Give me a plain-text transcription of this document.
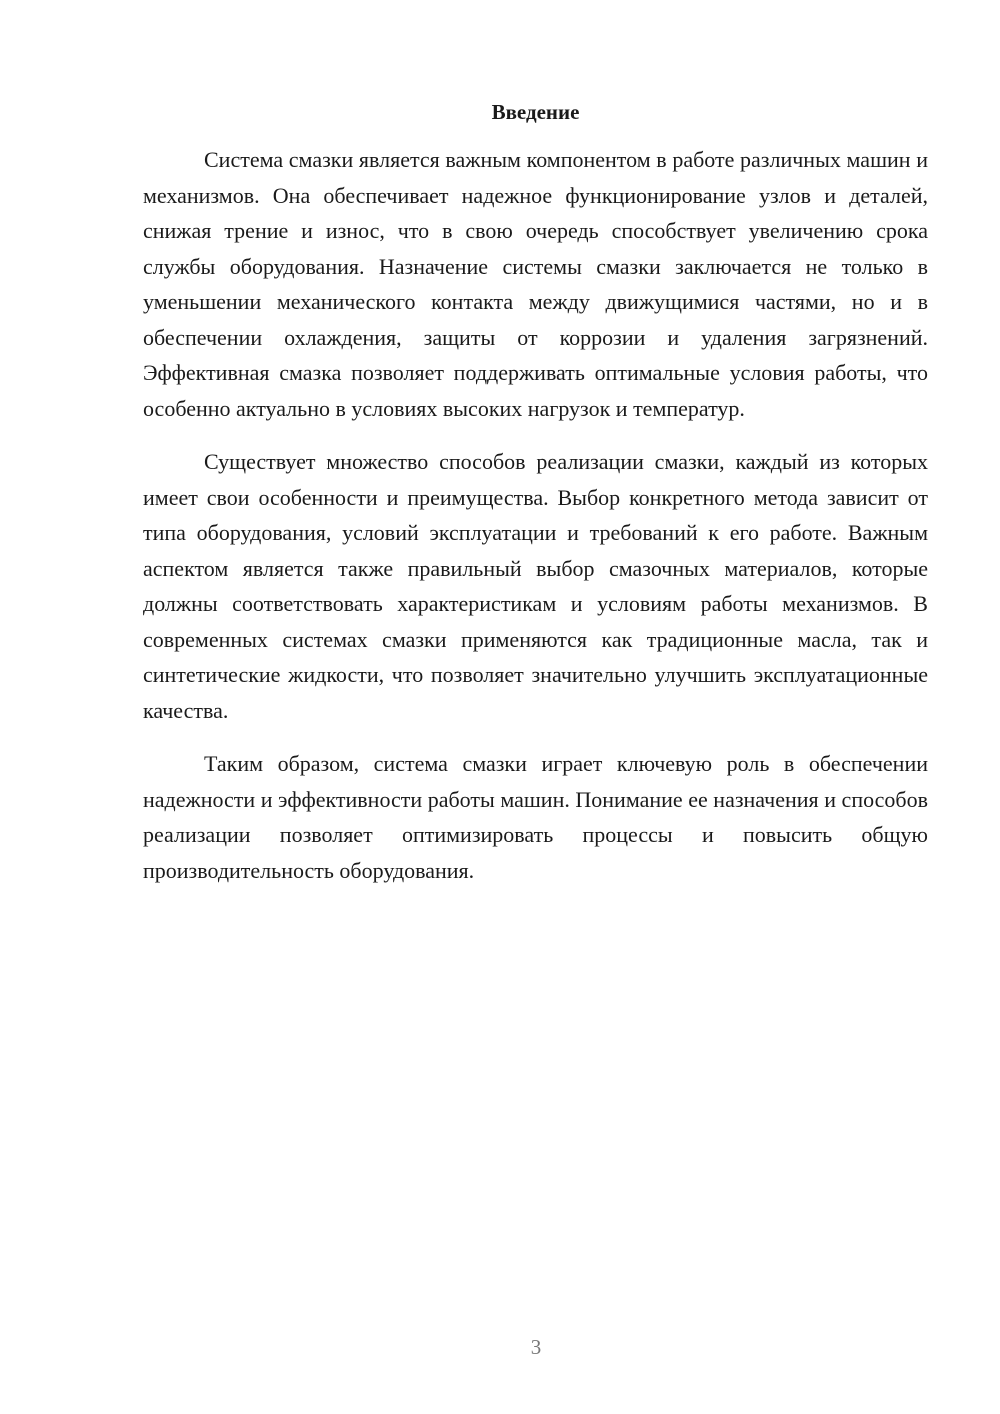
Введение

Система смазки является важным компонентом в работе различных машин и механизмов. Она обеспечивает надежное функционирование узлов и деталей, снижая трение и износ, что в свою очередь способствует увеличению срока службы оборудования. Назначение системы смазки заключается не только в уменьшении механического контакта между движущимися частями, но и в обеспечении охлаждения, защиты от коррозии и удаления загрязнений. Эффективная смазка позволяет поддерживать оптимальные условия работы, что особенно актуально в условиях высоких нагрузок и температур.

Существует множество способов реализации смазки, каждый из которых имеет свои особенности и преимущества. Выбор конкретного метода зависит от типа оборудования, условий эксплуатации и требований к его работе. Важным аспектом является также правильный выбор смазочных материалов, которые должны соответствовать характеристикам и условиям работы механизмов. В современных системах смазки применяются как традиционные масла, так и синтетические жидкости, что позволяет значительно улучшить эксплуатационные качества.

Таким образом, система смазки играет ключевую роль в обеспечении надежности и эффективности работы машин. Понимание ее назначения и способов реализации позволяет оптимизировать процессы и повысить общую производительность оборудования.

3
